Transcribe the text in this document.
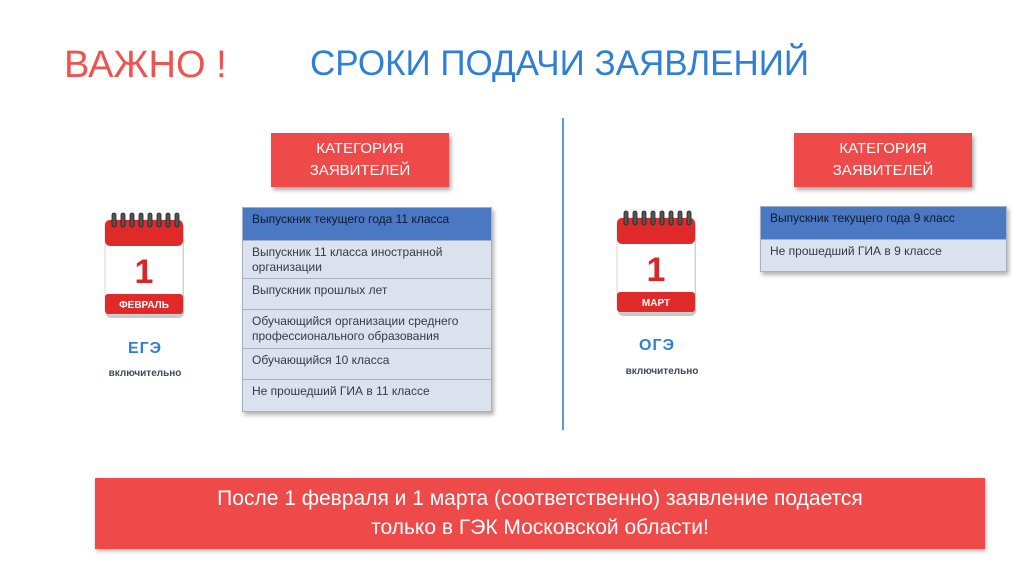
ВАЖНО ! СРОКИ ПОДАЧИ ЗАЯВЛЕНИЙ
КАТЕГОРИЯ
ЗАЯВИТЕЛЕЙ
1
ФЕВРАЛЬ
ЕГЭ
включительно
Выпускник текущего года 11 класса
Выпускник 11 класса иностранной организации
Выпускник прошлых лет
Обучающийся организации среднего профессионального образования
Обучающийся 10 класса
Не прошедший ГИА в 11 классе
КАТЕГОРИЯ
ЗАЯВИТЕЛЕЙ
1
МАРТ
ОГЭ
включительно
Выпускник текущего года 9 класс
Не прошедший ГИА в 9 классе
После 1 февраля и 1 марта (соответственно) заявление подается
только в ГЭК Московской области!
